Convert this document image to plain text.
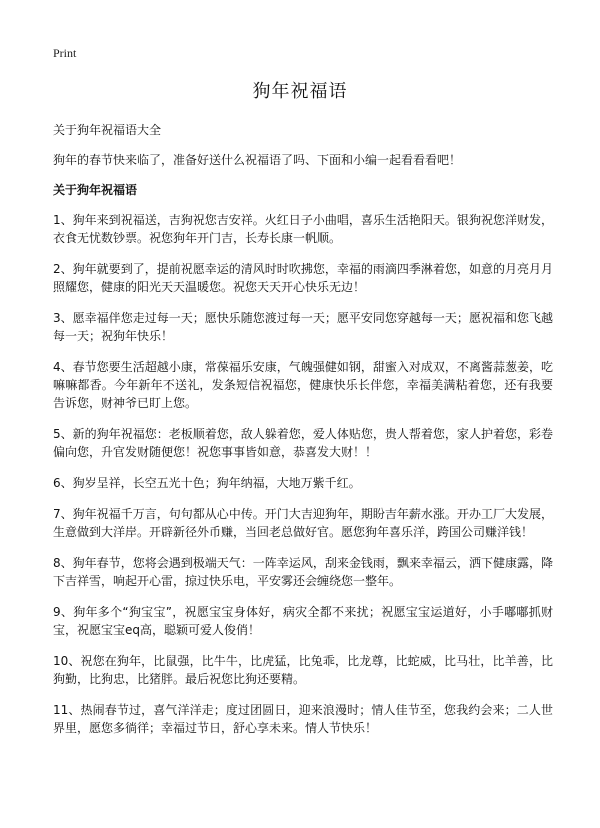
Print
狗年祝福语

关于狗年祝福语大全

狗年的春节快来临了，准备好送什么祝福语了吗、下面和小编一起看看看吧！

关于狗年祝福语

1、狗年来到祝福送，吉狗祝您吉安祥。火红日子小曲唱，喜乐生活艳阳天。银狗祝您洋财发，衣食无忧数钞票。祝您狗年开门吉，长寿长康一帆顺。

2、狗年就要到了，提前祝愿幸运的清风时时吹拂您，幸福的雨滴四季淋着您，如意的月亮月月照耀您，健康的阳光天天温暖您。祝您天天开心快乐无边！

3、愿幸福伴您走过每一天；愿快乐随您渡过每一天；愿平安同您穿越每一天；愿祝福和您飞越每一天；祝狗年快乐！

4、春节您要生活超越小康，常葆福乐安康，气魄强健如钢，甜蜜入对成双，不离酱蒜葱姜，吃嘛嘛都香。今年新年不送礼，发条短信祝福您，健康快乐长伴您，幸福美满粘着您，还有我要告诉您，财神爷已盯上您。

5、新的狗年祝福您：老板顺着您，敌人躲着您，爱人体贴您，贵人帮着您，家人护着您，彩卷偏向您，升官发财随便您！祝您事事皆如意，恭喜发大财！！

6、狗岁呈祥，长空五光十色；狗年纳福，大地万紫千红。

7、狗年祝福千万言，句句都从心中传。开门大吉迎狗年，期盼吉年薪水涨。开办工厂大发展，生意做到大洋岸。开辟新径外币赚，当回老总做好官。愿您狗年喜乐洋，跨国公司赚洋钱！

8、狗年春节，您将会遇到极端天气：一阵幸运风，刮来金钱雨，飘来幸福云，洒下健康露，降下吉祥雪，响起开心雷，掠过快乐电，平安雾还会缠绕您一整年。

9、狗年多个“狗宝宝”，祝愿宝宝身体好，病灾全都不来扰；祝愿宝宝运道好，小手嘟嘟抓财宝，祝愿宝宝eq高，聪颖可爱人俊俏！

10、祝您在狗年，比鼠强，比牛牛，比虎猛，比兔乖，比龙尊，比蛇威，比马壮，比羊善，比狗勤，比狗忠，比猪胖。最后祝您比狗还要精。

11、热闹春节过，喜气洋洋走；度过团圆日，迎来浪漫时；情人佳节至，您我约会来；二人世界里，愿您多徜徉；幸福过节日，舒心享未来。情人节快乐！
